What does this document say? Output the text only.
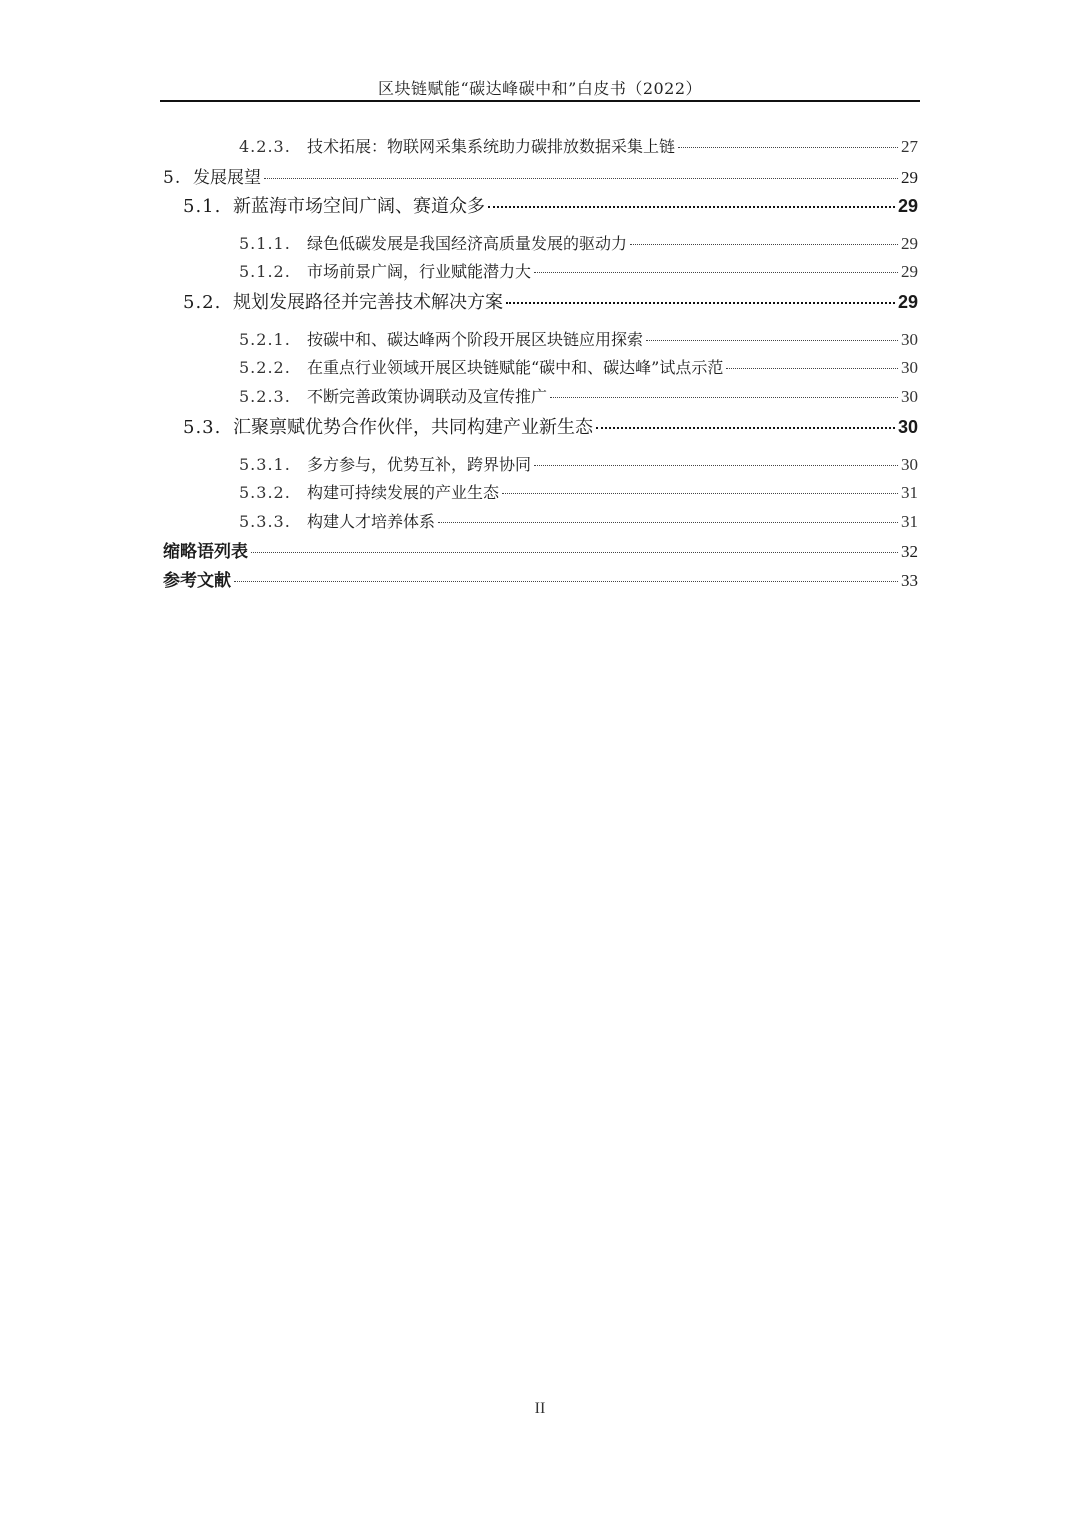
区块链赋能“碳达峰碳中和”白皮书（2022）
4.2.3.	技术拓展：物联网采集系统助力碳排放数据采集上链	27
5. 发展展望	29
5.1. 新蓝海市场空间广阔、赛道众多	29
5.1.1.	绿色低碳发展是我国经济高质量发展的驱动力	29
5.1.2.	市场前景广阔，行业赋能潜力大	29
5.2. 规划发展路径并完善技术解决方案	29
5.2.1.	按碳中和、碳达峰两个阶段开展区块链应用探索	30
5.2.2.	在重点行业领域开展区块链赋能“碳中和、碳达峰”试点示范	30
5.2.3.	不断完善政策协调联动及宣传推广	30
5.3. 汇聚禀赋优势合作伙伴，共同构建产业新生态	30
5.3.1.	多方参与，优势互补，跨界协同	30
5.3.2.	构建可持续发展的产业生态	31
5.3.3.	构建人才培养体系	31
缩略语列表	32
参考文献	33
II
